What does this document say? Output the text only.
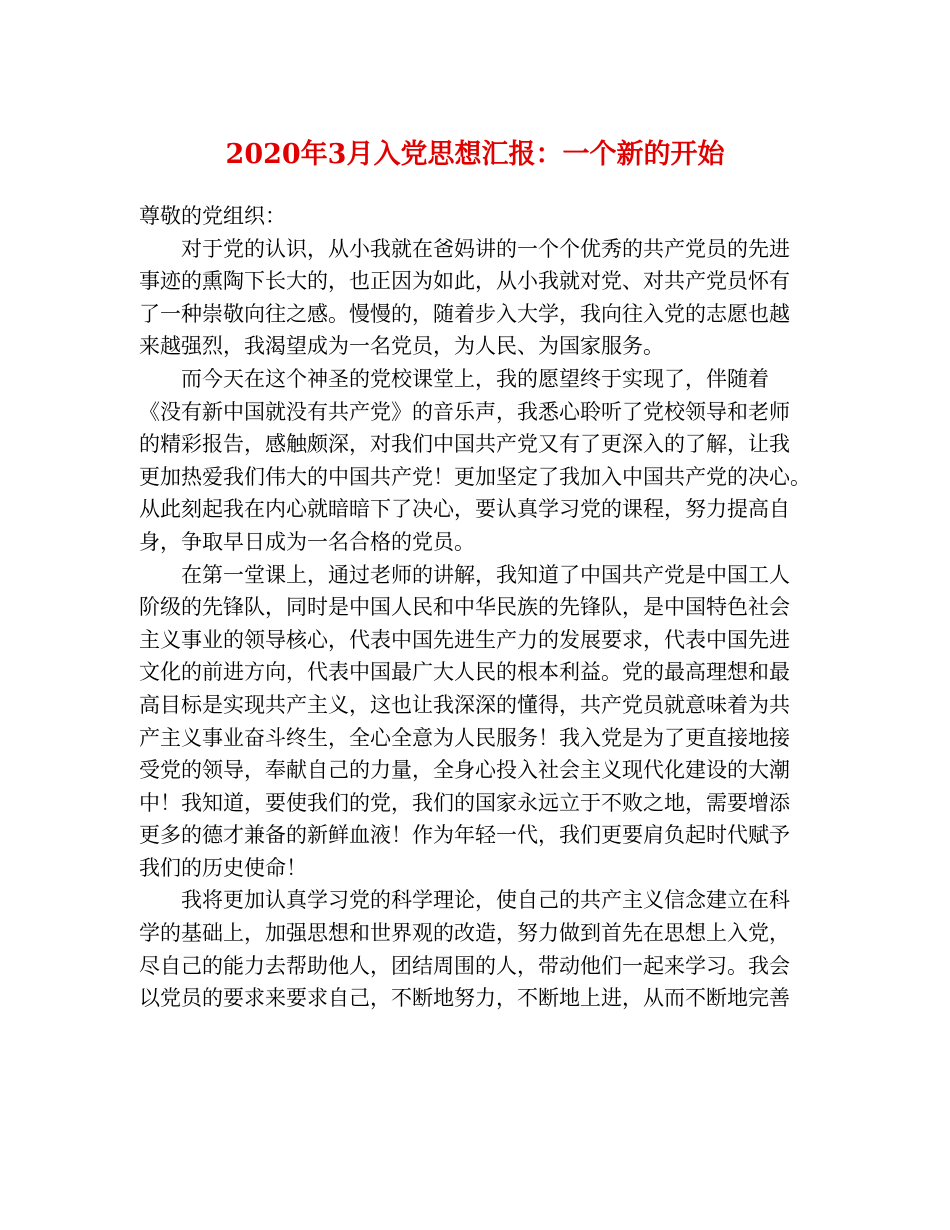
2020年3月入党思想汇报：一个新的开始

尊敬的党组织：

对于党的认识，从小我就在爸妈讲的一个个优秀的共产党员的先进
事迹的熏陶下长大的，也正因为如此，从小我就对党、对共产党员怀有
了一种崇敬向往之感。慢慢的，随着步入大学，我向往入党的志愿也越
来越强烈，我渴望成为一名党员，为人民、为国家服务。
而今天在这个神圣的党校课堂上，我的愿望终于实现了，伴随着
《没有新中国就没有共产党》的音乐声，我悉心聆听了党校领导和老师
的精彩报告，感触颇深，对我们中国共产党又有了更深入的了解，让我
更加热爱我们伟大的中国共产党！更加坚定了我加入中国共产党的决心。
从此刻起我在内心就暗暗下了决心，要认真学习党的课程，努力提高自
身，争取早日成为一名合格的党员。
在第一堂课上，通过老师的讲解，我知道了中国共产党是中国工人
阶级的先锋队，同时是中国人民和中华民族的先锋队，是中国特色社会
主义事业的领导核心，代表中国先进生产力的发展要求，代表中国先进
文化的前进方向，代表中国最广大人民的根本利益。党的最高理想和最
高目标是实现共产主义，这也让我深深的懂得，共产党员就意味着为共
产主义事业奋斗终生，全心全意为人民服务！我入党是为了更直接地接
受党的领导，奉献自己的力量，全身心投入社会主义现代化建设的大潮
中！我知道，要使我们的党，我们的国家永远立于不败之地，需要增添
更多的德才兼备的新鲜血液！作为年轻一代，我们更要肩负起时代赋予
我们的历史使命！
我将更加认真学习党的科学理论，使自己的共产主义信念建立在科
学的基础上，加强思想和世界观的改造，努力做到首先在思想上入党，
尽自己的能力去帮助他人，团结周围的人，带动他们一起来学习。我会
以党员的要求来要求自己，不断地努力，不断地上进，从而不断地完善
